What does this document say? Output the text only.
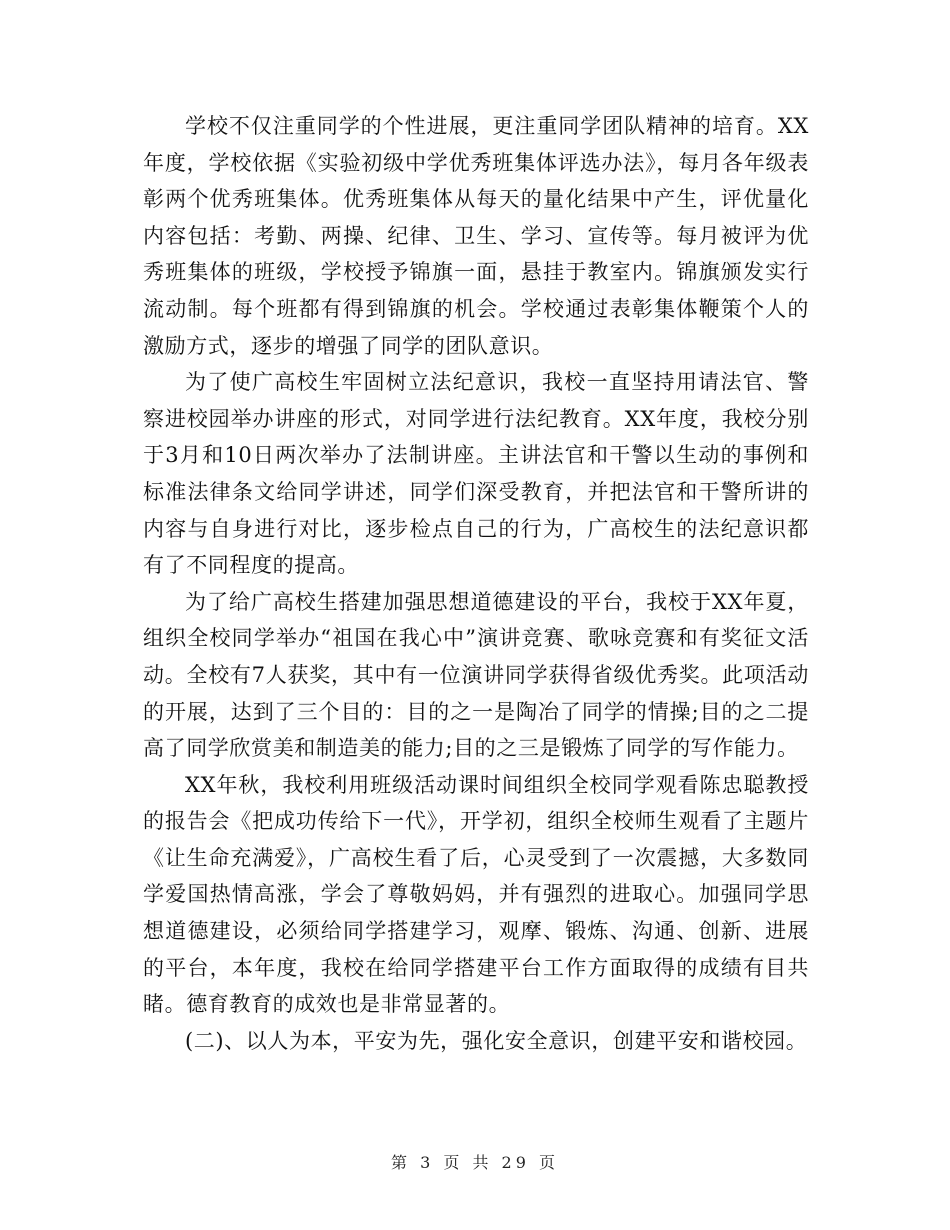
学校不仅注重同学的个性进展，更注重同学团队精神的培育。XX年度，学校依据《实验初级中学优秀班集体评选办法》，每月各年级表彰两个优秀班集体。优秀班集体从每天的量化结果中产生，评优量化内容包括：考勤、两操、纪律、卫生、学习、宣传等。每月被评为优秀班集体的班级，学校授予锦旗一面，悬挂于教室内。锦旗颁发实行流动制。每个班都有得到锦旗的机会。学校通过表彰集体鞭策个人的激励方式，逐步的增强了同学的团队意识。

为了使广高校生牢固树立法纪意识，我校一直坚持用请法官、警察进校园举办讲座的形式，对同学进行法纪教育。XX年度，我校分别于3月和10日两次举办了法制讲座。主讲法官和干警以生动的事例和标准法律条文给同学讲述，同学们深受教育，并把法官和干警所讲的内容与自身进行对比，逐步检点自己的行为，广高校生的法纪意识都有了不同程度的提高。

为了给广高校生搭建加强思想道德建设的平台，我校于XX年夏，组织全校同学举办“祖国在我心中”演讲竞赛、歌咏竞赛和有奖征文活动。全校有7人获奖，其中有一位演讲同学获得省级优秀奖。此项活动的开展，达到了三个目的：目的之一是陶冶了同学的情操;目的之二提高了同学欣赏美和制造美的能力;目的之三是锻炼了同学的写作能力。

XX年秋，我校利用班级活动课时间组织全校同学观看陈忠聪教授的报告会《把成功传给下一代》，开学初，组织全校师生观看了主题片《让生命充满爱》，广高校生看了后，心灵受到了一次震撼，大多数同学爱国热情高涨，学会了尊敬妈妈，并有强烈的进取心。加强同学思想道德建设，必须给同学搭建学习，观摩、锻炼、沟通、创新、进展的平台，本年度，我校在给同学搭建平台工作方面取得的成绩有目共睹。德育教育的成效也是非常显著的。

(二)、以人为本，平安为先，强化安全意识，创建平安和谐校园。

第 3 页 共 29 页
